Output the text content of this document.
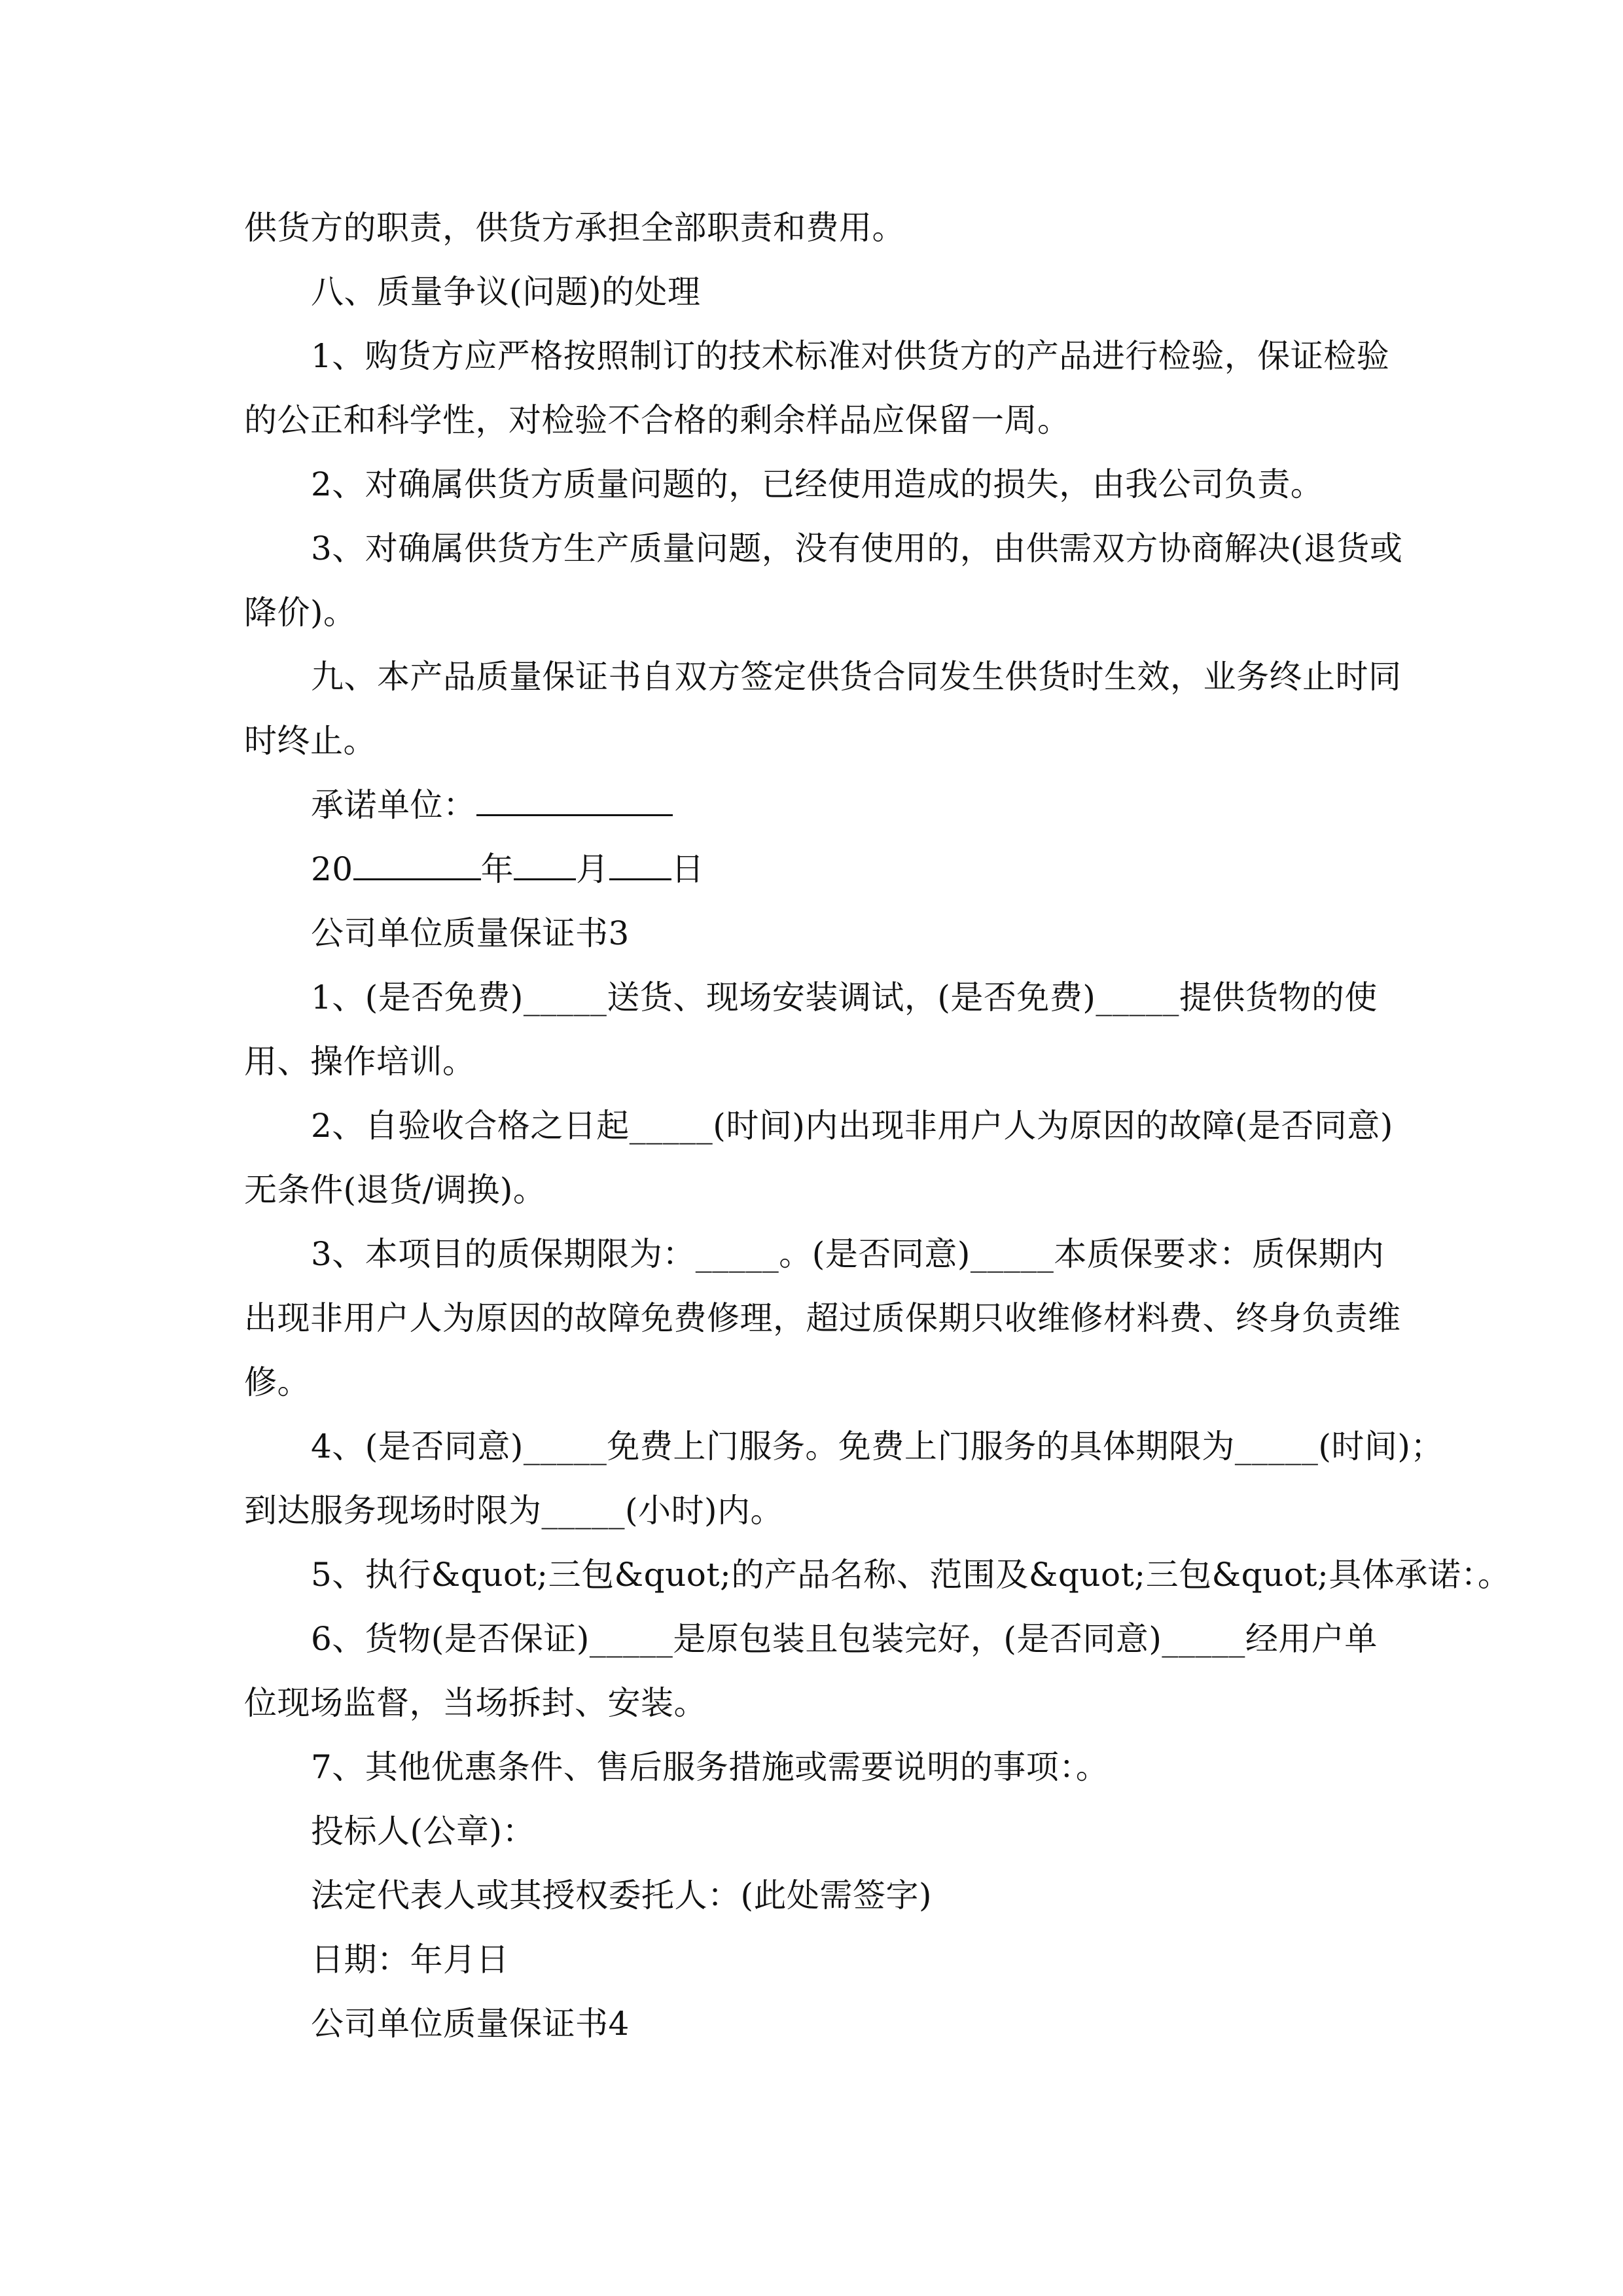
供货方的职责，供货方承担全部职责和费用。
八、质量争议(问题)的处理
1、购货方应严格按照制订的技术标准对供货方的产品进行检验，保证检验
的公正和科学性，对检验不合格的剩余样品应保留一周。
2、对确属供货方质量问题的，已经使用造成的损失，由我公司负责。
3、对确属供货方生产质量问题，没有使用的，由供需双方协商解决(退货或
降价)。
九、本产品质量保证书自双方签定供货合同发生供货时生效，业务终止时同
时终止。
承诺单位：
20	年 月 日
公司单位质量保证书3
1、(是否免费)_____送货、现场安装调试，(是否免费)_____提供货物的使
用、操作培训。
2、自验收合格之日起_____(时间)内出现非用户人为原因的故障(是否同意)
无条件(退货/调换)。
3、本项目的质保期限为：_____。(是否同意)_____本质保要求：质保期内
出现非用户人为原因的故障免费修理，超过质保期只收维修材料费、终身负责维
修。
4、(是否同意)_____免费上门服务。免费上门服务的具体期限为_____(时间)；
到达服务现场时限为_____(小时)内。
5、执行&quot;三包&quot;的产品名称、范围及&quot;三包&quot;具体承诺：。
6、货物(是否保证)_____是原包装且包装完好，(是否同意)_____经用户单
位现场监督，当场拆封、安装。
7、其他优惠条件、售后服务措施或需要说明的事项：。
投标人(公章)：
法定代表人或其授权委托人：(此处需签字)
日期：年月日
公司单位质量保证书4
